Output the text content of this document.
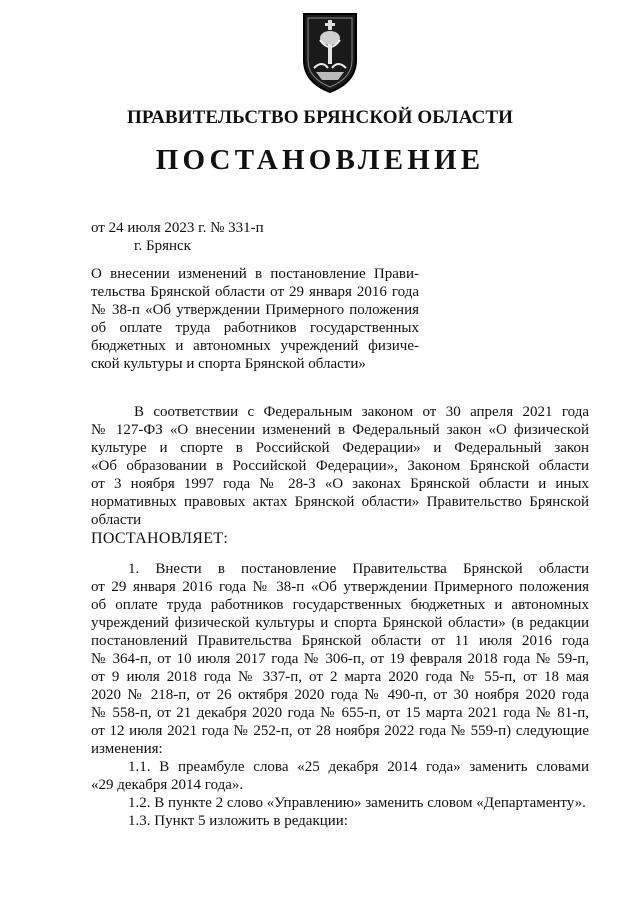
ПРАВИТЕЛЬСТВО БРЯНСКОЙ ОБЛАСТИ
ПОСТАНОВЛЕНИЕ
от 24 июля 2023 г. № 331-п
г. Брянск
О внесении изменений в постановление Прави-
тельства Брянской области от 29 января 2016 года
№ 38-п «Об утверждении Примерного положения
об оплате труда работников государственных
бюджетных и автономных учреждений физиче-
ской культуры и спорта Брянской области»
В соответствии с Федеральным законом от 30 апреля 2021 года
№ 127-ФЗ «О внесении изменений в Федеральный закон «О физической
культуре и спорте в Российской Федерации» и Федеральный закон
«Об образовании в Российской Федерации», Законом Брянской области
от 3 ноября 1997 года № 28-З «О законах Брянской области и иных
нормативных правовых актах Брянской области» Правительство Брянской
области
ПОСТАНОВЛЯЕТ:
1. Внести в постановление Правительства Брянской области
от 29 января 2016 года № 38-п «Об утверждении Примерного положения
об оплате труда работников государственных бюджетных и автономных
учреждений физической культуры и спорта Брянской области» (в редакции
постановлений Правительства Брянской области от 11 июля 2016 года
№ 364-п, от 10 июля 2017 года № 306-п, от 19 февраля 2018 года № 59-п,
от 9 июля 2018 года № 337-п, от 2 марта 2020 года № 55-п, от 18 мая
2020 № 218-п, от 26 октября 2020 года № 490-п, от 30 ноября 2020 года
№ 558-п, от 21 декабря 2020 года № 655-п, от 15 марта 2021 года № 81-п,
от 12 июля 2021 года № 252-п, от 28 ноября 2022 года № 559-п) следующие
изменения:
1.1. В преамбуле слова «25 декабря 2014 года» заменить словами
«29 декабря 2014 года».
1.2. В пункте 2 слово «Управлению» заменить словом «Департаменту».
1.3. Пункт 5 изложить в редакции:
